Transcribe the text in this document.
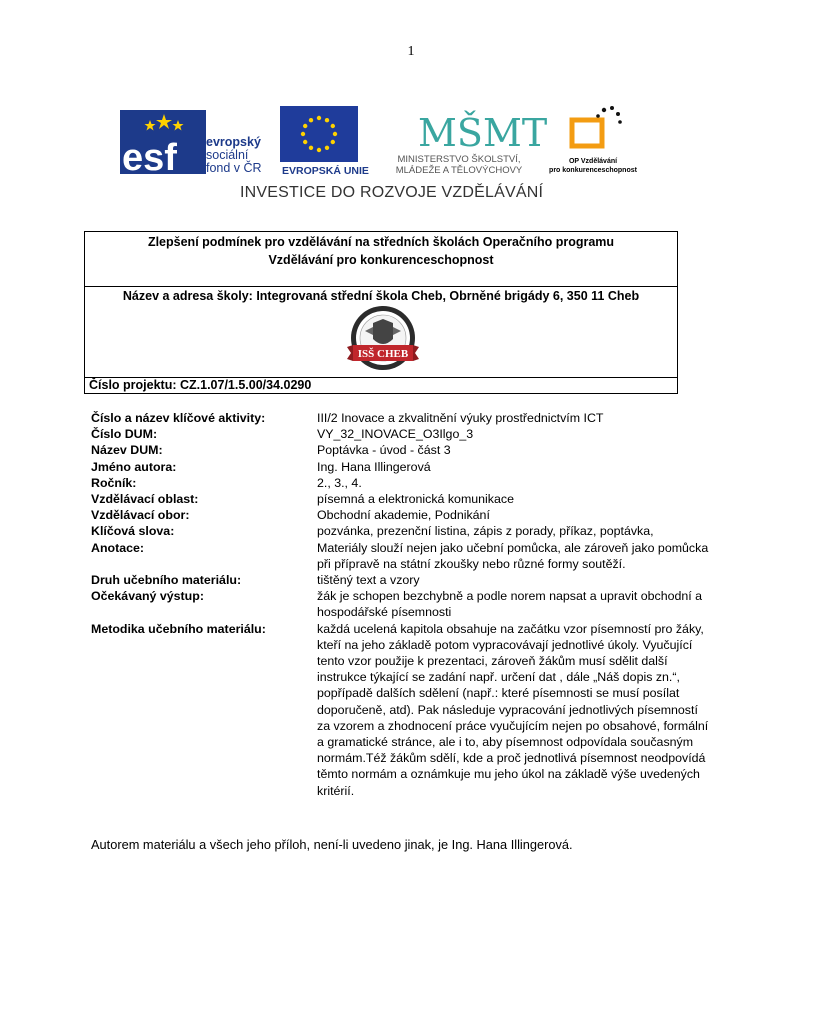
1
esf evropský
sociální
fond v ČR EVROPSKÁ UNIE
MŠMT
MINISTERSTVO ŠKOLSTVÍ,
MLÁDEŽE A TĚLOVÝCHOVY
OP Vzdělávání
pro konkurenceschopnost
INVESTICE DO ROZVOJE VZDĚLÁVÁNÍ
Zlepšení podmínek pro vzdělávání na středních školách Operačního programu
Vzdělávání pro konkurenceschopnost
Název a adresa školy: Integrovaná střední škola Cheb, Obrněné brigády 6, 350 11 Cheb
ISŠ CHEB
Číslo projektu: CZ.1.07/1.5.00/34.0290
Číslo a název klíčové aktivity:	III/2 Inovace a zkvalitnění výuky prostřednictvím ICT
Číslo DUM:	VY_32_INOVACE_O3Ilgo_3
Název DUM:	Poptávka - úvod - část 3
Jméno autora:	Ing. Hana Illingerová
Ročník:	2., 3., 4.
Vzdělávací oblast:	písemná a elektronická komunikace
Vzdělávací obor:	Obchodní akademie, Podnikání
Klíčová slova:	pozvánka, prezenční listina, zápis z porady, příkaz, poptávka,
Anotace:	Materiály slouží nejen jako učební pomůcka, ale zároveň jako pomůcka
při přípravě na státní zkoušky nebo různé formy soutěží.
Druh učebního materiálu:	tištěný text a vzory
Očekávaný výstup:	žák je schopen bezchybně a podle norem napsat a upravit obchodní a
hospodářské písemnosti
Metodika učebního materiálu:	každá ucelená kapitola obsahuje na začátku vzor písemností pro žáky,
kteří na jeho základě potom vypracovávají jednotlivé úkoly. Vyučující
tento vzor použije k prezentaci, zároveň žákům musí sdělit další
instrukce týkající se zadání např. určení dat , dále „Náš dopis zn.“,
popřípadě dalších sdělení (např.: které písemnosti se musí posílat
doporučeně, atd). Pak následuje vypracování jednotlivých písemností
za vzorem a zhodnocení práce vyučujícím nejen po obsahové, formální
a gramatické stránce, ale i to, aby písemnost odpovídala současným
normám.Též žákům sdělí, kde a proč jednotlivá písemnost neodpovídá
těmto normám a oznámkuje mu jeho úkol na základě výše uvedených
kritérií.
Autorem materiálu a všech jeho příloh, není-li uvedeno jinak, je Ing. Hana Illingerová.
